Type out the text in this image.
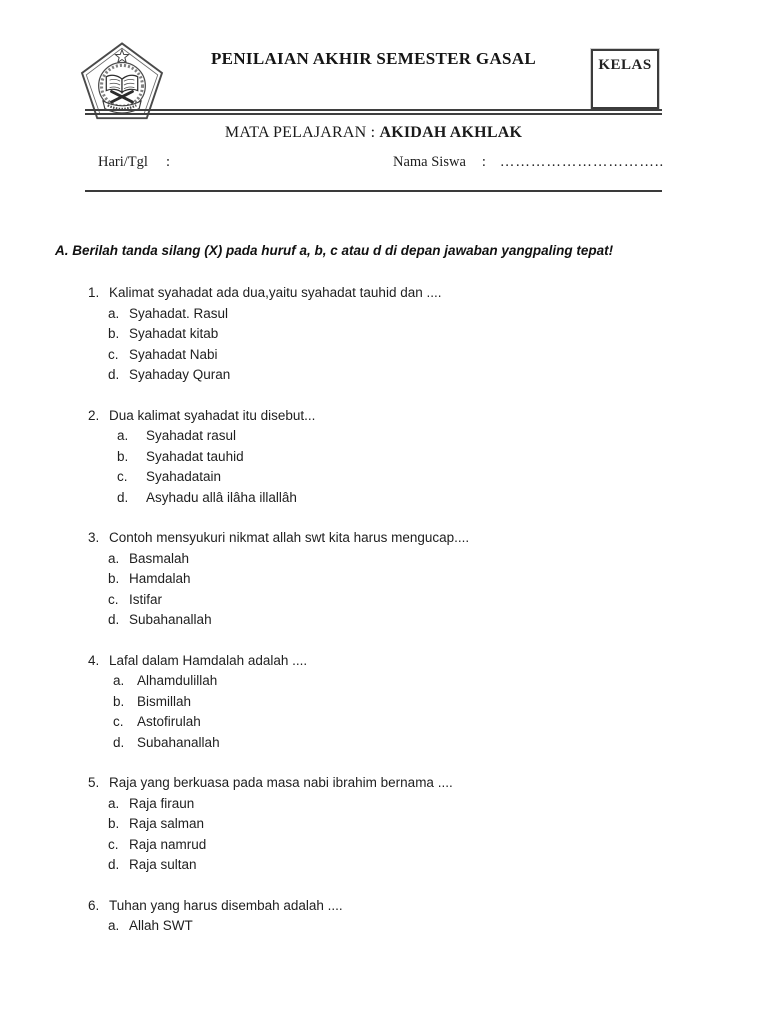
PENILAIAN AKHIR SEMESTER GASAL	KELAS
MATA PELAJARAN : AKIDAH AKHLAK
Hari/Tgl :	Nama Siswa : …………………………..
A. Berilah tanda silang (X) pada huruf a, b, c atau d di depan jawaban yangpaling tepat!
1. Kalimat syahadat ada dua,yaitu syahadat tauhid dan ....
a. Syahadat. Rasul
b. Syahadat kitab
c. Syahadat Nabi
d. Syahaday Quran
2. Dua kalimat syahadat itu disebut...
a.	Syahadat rasul
b.	Syahadat tauhid
c.	Syahadatain
d.	Asyhadu allâ ilâha illallâh
3. Contoh mensyukuri nikmat allah swt kita harus mengucap....
a. Basmalah
b. Hamdalah
c. Istifar
d. Subahanallah
4. Lafal dalam Hamdalah adalah ....
a. Alhamdulillah
b. Bismillah
c. Astofirulah
d. Subahanallah
5. Raja yang berkuasa pada masa nabi ibrahim bernama ....
a. Raja firaun
b. Raja salman
c. Raja namrud
d. Raja sultan
6. Tuhan yang harus disembah adalah ....
a. Allah SWT
